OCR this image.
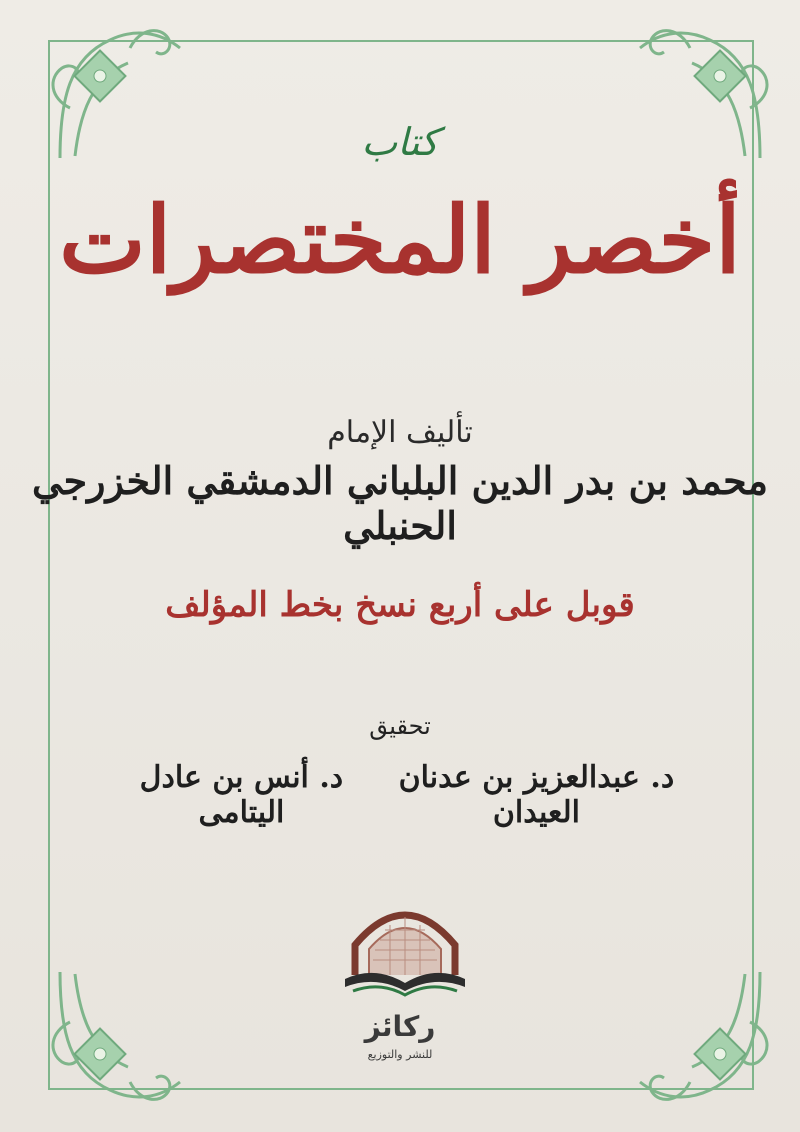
كتاب
أخصر المختصرات
تأليف الإمام
محمد بن بدر الدين البلباني الدمشقي الخزرجي الحنبلي
قوبل على أربع نسخ بخط المؤلف
تحقيق
د. عبدالعزيز بن عدنان العيدان
د. أنس بن عادل اليتامى
ركائز
للنشر والتوزيع
